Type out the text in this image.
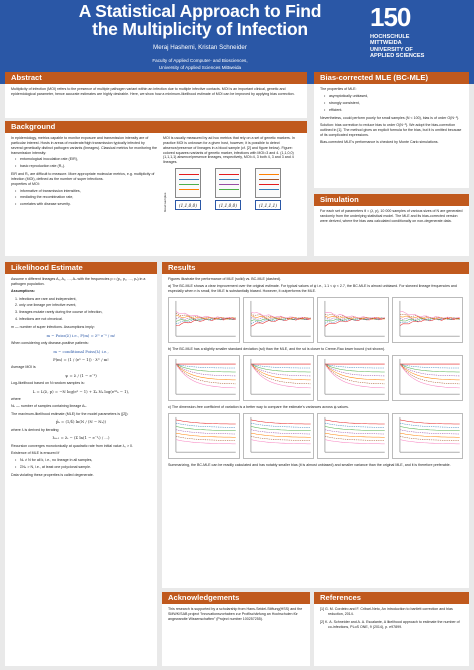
A Statistical Approach to Find
the Multiplicity of Infection
Meraj Hashemi, Kristan Schneider
Faculty of Applied Computer- and Biosciences,
University of Applied Sciences Mittweida
150
HOCHSCHULE
MITTWEIDA
UNIVERSITY OF
APPLIED SCIENCES
Abstract
Multiplicity of infection (MOI) refers to the presence of multiple pathogen variant within an infection due to multiple infective contacts. MOI is an important clinical, genetic and epidemiological parameter, hence accurate estimates are highly desirable. Here, we show how a minimum-likelihood estimate of MOI can be improved by applying bias correction.
Background

In epidemiology, metrics capable to monitor exposure and transmission intensity are of particular interest. Hosts in areas of moderate/high transmission typically infected by several genetically distinct pathogen variants (lineages). Classical metrics for monitoring the transmission intensity:

• entomological inoculation rate (EIR),
• basic reproduction rate (R₀).

EIR and R₀ are difficult to measure. More appropriate molecular metrics, e.g. multiplicity of infection (MOI), defined as the number of super infections.

properties of MOI:

• informative of transmission intensities,
• mediating the recombination rate,
• correlates with disease severity.

MOI is usually measured by ad hoc metrics that rely on a set of genetic markers. In practice MOI is unknown for a given host, however, it is possible to detect absence/presence of lineages in a blood sample (cf. [2] and figure below). Figure: colored squares=variants of genetic marker, infections with MOI=3 and 4. (1,1,0,0) (1,1,1,1) absence/presence lineages, respectively, MOI=4, 3 both 4, 3 and 3 and 4 lineages.

blood samples	(1,1,0,0)	(1,1,0,0)	(1,1,1,1)
Likelihood Estimate

Assume n different lineages A₁, A₂, …, Aₙ with the frequencies p = (p₁, p₂, …, pₙ) in a pathogen population.

Assumptions:

1. infections are rare and independent,
2. only one lineage per infective event,
3. lineages mutate rarely during the course of infection,
4. infections are not chronical.

m — number of super infections. Assumptions imply:

m ∼ Poiss(λ) i.e., P(m) = λᵐ e⁻ᵑ / m!

When considering only disease-positive patients:

m ∼ conditional Poiss(λ) i.e.,
P(m) = (1 / (eᵑ − 1)) · λᵐ / m!

Average MOI is

ψ = λ / (1 − e⁻ᵑ)

Log-likelihood based on N random samples is:

L = L(λ, p) = −N log(eᵑ − 1) + Σₖ Nₖ log(eᵑᵖₖ − 1),

where

Nₖ — number of samples containing lineage Aₖ.

The maximum-likelihood estimate (MLE) for the model parameters is ([2]):

p̂ₖ = (1/λ̂) ln(N / (N − Nₖ))

where λ is derived by iterating

λₜ₊₁ = λₜ − (Σ ln(1 − e⁻ᵑₜ) / ...)

Recursion converges monotonically at quadratic rate from initial value λ₀ > 0.

Existence of MLE is ensured if

• Nₖ ≠ N for all k, i.e., no lineage in all samples,
• ΣNₖ > N, i.e., at least one polyclonal sample.

Data violating these properties is called degenerate.

Bias-corrected MLE (BC-MLE)

The properties of MLE:

• asymptotically unbiased,
• strongly consistent,
• efficient.

Nevertheless, could perform poorly for small samples (N < 100), bias is of order O(N⁻¹).

Solution: bias correction to reduce bias to order O(N⁻²). We adopt the bias-correction outlined in [1]. The method gives an explicit formula for the bias, but it is omitted because of its complicated expressions.

Bias-corrected MLE's performance is checked by Monte Carlo simulations.

Simulation
For each set of parameters θ = (λ, p), 10 000 samples of various sizes of N are generated randomly from the underlying statistical model. The MLE and its bias-corrected version were derived, where the bias was calculated conditionally on non-degenerate data.
Results

Figures illustrate the performance of MLE (solid) vs. BC-MLE (dashed).

a) The BC-MLE shows a clear improvement over the original estimate. For typical values of ψ i.e., 1.1 < ψ < 2.7, the BC-MLE is almost unbiased. For skewed lineage frequencies and especially when n is small, the MLE is substantially biased. However, it outperforms the MLE.

b) The BC-MLE has a slightly smaller standard deviation (sd) than the MLE, and the sd is closer to Creme-Rao lower bound (not shown).

c) The dimension-free coefficient of variation is a better way to compare the estimate's variances across ψ-values.

Summarizing, the BC-MLE can be readily calculated and has notably smaller bias (it is almost unbiased) and smaller variance than the original MLE, and it is therefore preferable.

Acknowledgements
This research is supported by a scholarship from Hans-Seidel-Stiftung(HSS) and the SMWK/SAB project "Innovationsvorhaben zur Profilschärfung an Hochschulen für angewandte Wissenschaften" (Project number 100257255).
References
[1] G. M. Cordeiro and F. Cribari-Neto, An introduction to bartlett correction and bias reduction, 2014.
[2] K. A. Schneider and A. A. Escalante, A likelihood approach to estimate the number of co-infections, PLoS ONE, 9 (2014), p. e97899.
